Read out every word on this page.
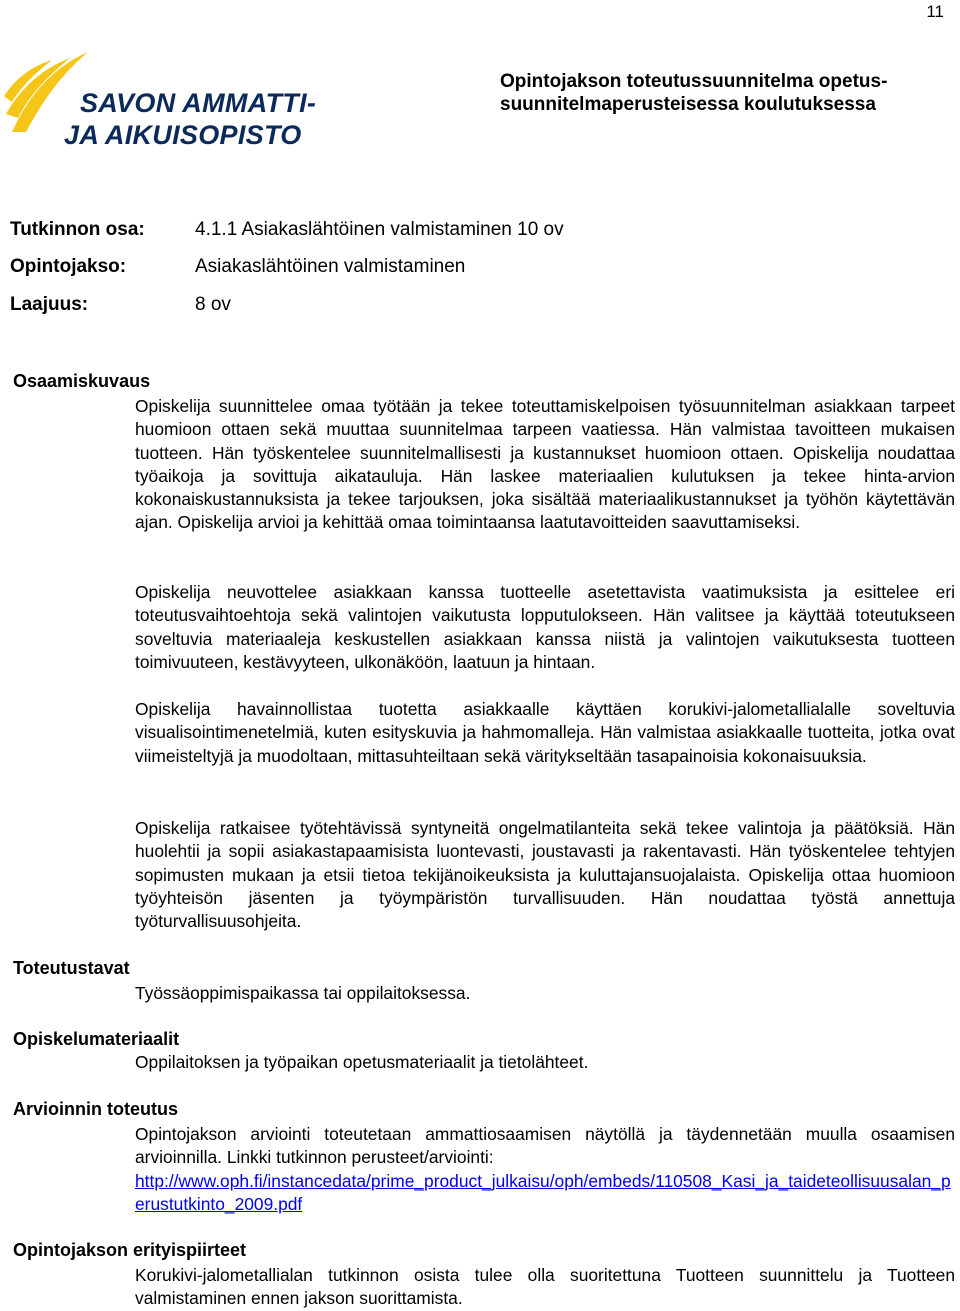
11
SAVON AMMATTI-
JA AIKUISOPISTO
Opintojakson toteutussuunnitelma opetus-
suunnitelmaperusteisessa koulutuksessa
Tutkinnon osa:	4.1.1 Asiakaslähtöinen valmistaminen 10 ov
Opintojakso:	Asiakaslähtöinen valmistaminen
Laajuus:	8 ov
Osaamiskuvaus
Opiskelija suunnittelee omaa työtään ja tekee toteuttamiskelpoisen työsuunnitelman asiakkaan tarpeet huomioon ottaen sekä muuttaa suunnitelmaa tarpeen vaatiessa. Hän valmistaa tavoitteen mukaisen tuotteen. Hän työskentelee suunnitelmallisesti ja kustannukset huomioon ottaen. Opiskelija noudattaa työaikoja ja sovittuja aikatauluja. Hän laskee materiaalien kulutuksen ja tekee hinta-arvion kokonaiskustannuksista ja tekee tarjouksen, joka sisältää materiaalikustannukset ja työhön käytettävän ajan. Opiskelija arvioi ja kehittää omaa toimintaansa laatutavoitteiden saavuttamiseksi.
Opiskelija neuvottelee asiakkaan kanssa tuotteelle asetettavista vaatimuksista ja esittelee eri toteutusvaihtoehtoja sekä valintojen vaikutusta lopputulokseen. Hän valitsee ja käyttää toteutukseen soveltuvia materiaaleja keskustellen asiakkaan kanssa niistä ja valintojen vaikutuksesta tuotteen toimivuuteen, kestävyyteen, ulkonäköön, laatuun ja hintaan.
Opiskelija havainnollistaa tuotetta asiakkaalle käyttäen korukivi-jalometallialalle soveltuvia visualisointimenetelmiä, kuten esityskuvia ja hahmomalleja. Hän valmistaa asiakkaalle tuotteita, jotka ovat viimeisteltyjä ja muodoltaan, mittasuhteiltaan sekä väritykseltään tasapainoisia kokonaisuuksia.
Opiskelija ratkaisee työtehtävissä syntyneitä ongelmatilanteita sekä tekee valintoja ja päätöksiä. Hän huolehtii ja sopii asiakastapaamisista luontevasti, joustavasti ja rakentavasti. Hän työskentelee tehtyjen sopimusten mukaan ja etsii tietoa tekijänoikeuksista ja kuluttajansuojalaista. Opiskelija ottaa huomioon työyhteisön jäsenten ja työympäristön turvallisuuden. Hän noudattaa työstä annettuja työturvallisuusohjeita.
Toteutustavat
Työssäoppimispaikassa tai oppilaitoksessa.
Opiskelumateriaalit
Oppilaitoksen ja työpaikan opetusmateriaalit ja tietolähteet.
Arvioinnin toteutus
Opintojakson arviointi toteutetaan ammattiosaamisen näytöllä ja täydennetään muulla osaamisen arvioinnilla. Linkki tutkinnon perusteet/arviointi:
http://www.oph.fi/instancedata/prime_product_julkaisu/oph/embeds/110508_Kasi_ja_taideteollisuusalan_perustutkinto_2009.pdf
Opintojakson erityispiirteet
Korukivi-jalometallialan tutkinnon osista tulee olla suoritettuna Tuotteen suunnittelu ja Tuotteen valmistaminen ennen jakson suorittamista.
